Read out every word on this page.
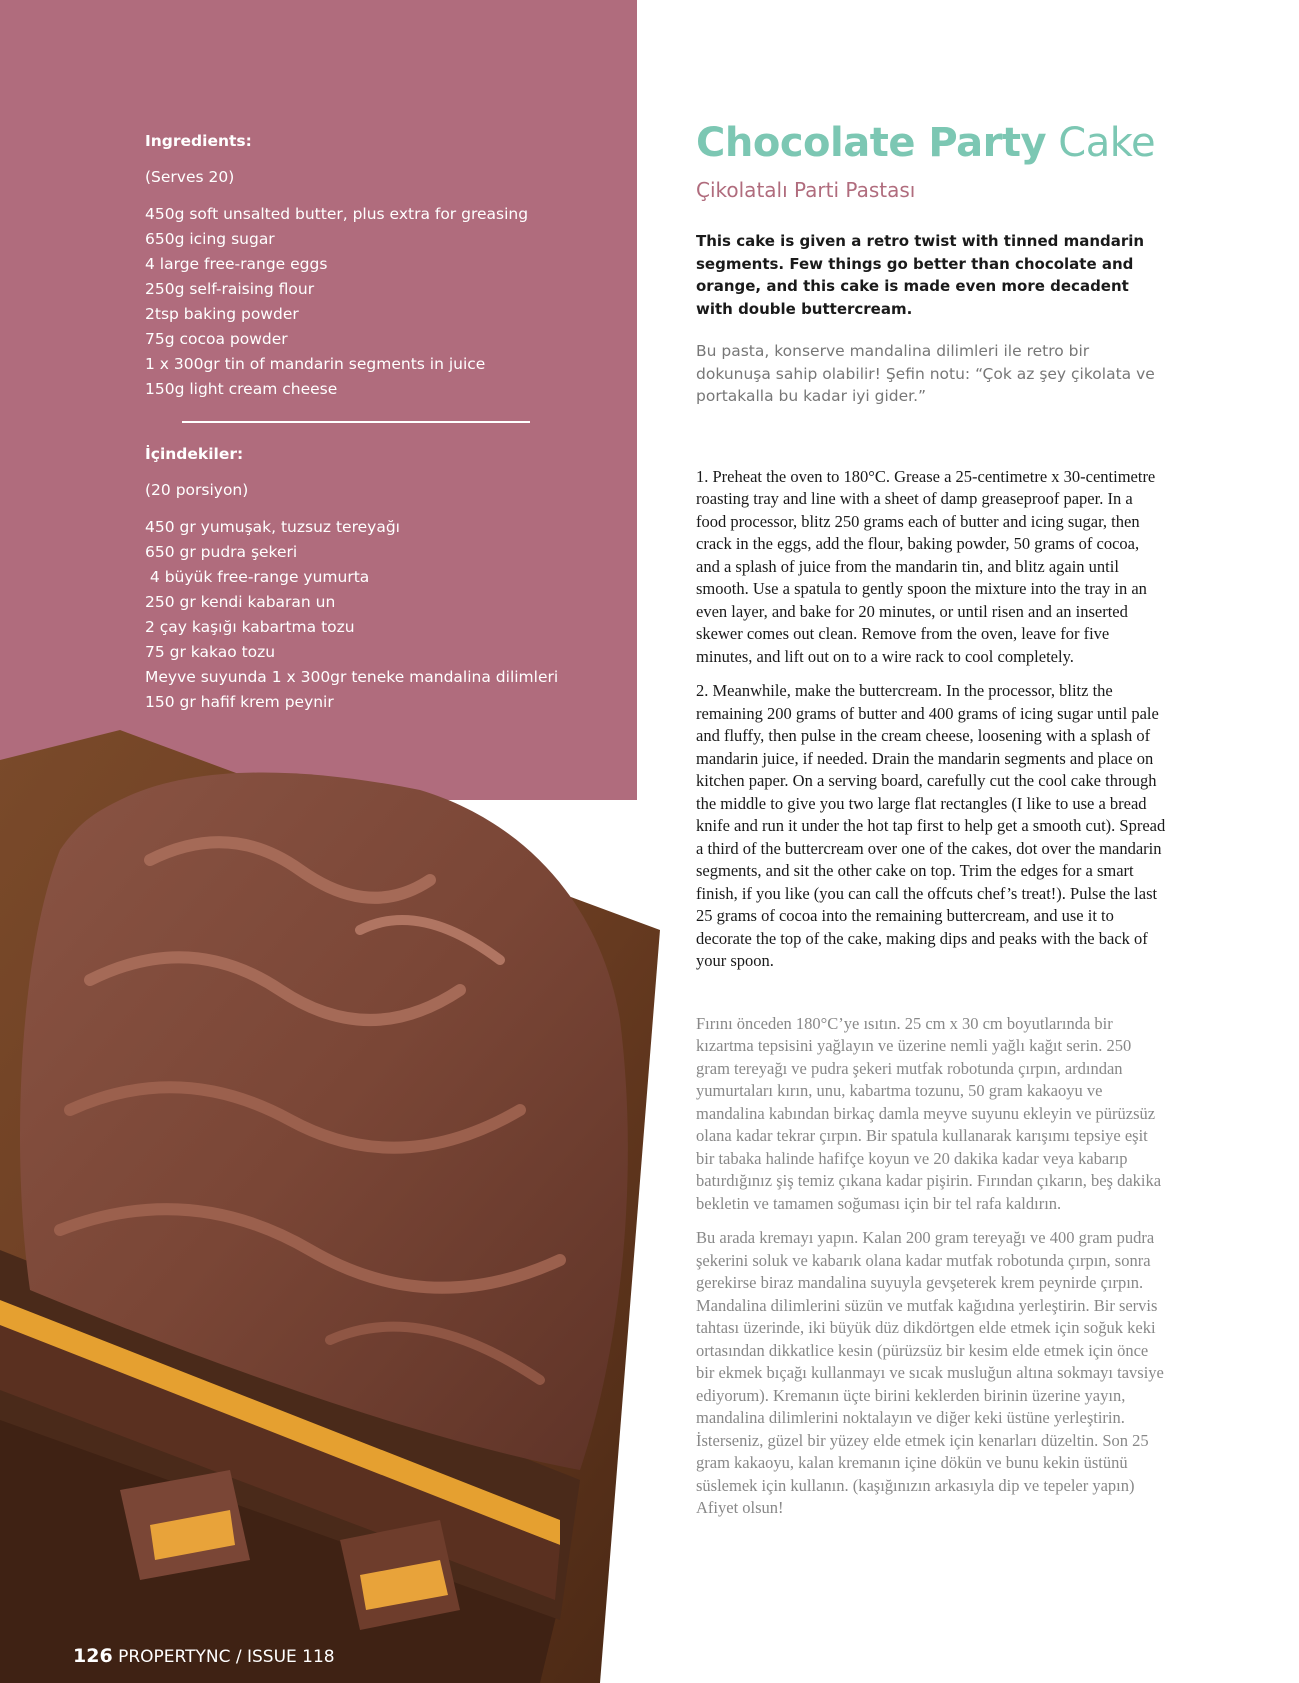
Ingredients:

(Serves 20)

450g soft unsalted butter, plus extra for greasing
650g icing sugar
4 large free-range eggs
250g self-raising flour
2tsp baking powder
75g cocoa powder
1 x 300gr tin of mandarin segments in juice
150g light cream cheese

İçindekiler:

(20 porsiyon)

450 gr yumuşak, tuzsuz tereyağı
650 gr pudra şekeri
4 büyük free-range yumurta
250 gr kendi kabaran un
2 çay kaşığı kabartma tozu
75 gr kakao tozu
Meyve suyunda 1 x 300gr teneke mandalina dilimleri
150 gr hafif krem peynir
Chocolate Party Cake

Çikolatalı Parti Pastası

This cake is given a retro twist with tinned mandarin segments. Few things go better than chocolate and orange, and this cake is made even more decadent with double buttercream.

Bu pasta, konserve mandalina dilimleri ile retro bir dokunuşa sahip olabilir! Şefin notu: “Çok az şey çikolata ve portakalla bu kadar iyi gider.”

1. Preheat the oven to 180°C. Grease a 25-centimetre x 30-centimetre roasting tray and line with a sheet of damp greaseproof paper. In a food processor, blitz 250 grams each of butter and icing sugar, then crack in the eggs, add the flour, baking powder, 50 grams of cocoa, and a splash of juice from the mandarin tin, and blitz again until smooth. Use a spatula to gently spoon the mixture into the tray in an even layer, and bake for 20 minutes, or until risen and an inserted skewer comes out clean. Remove from the oven, leave for five minutes, and lift out on to a wire rack to cool completely.

2. Meanwhile, make the buttercream. In the processor, blitz the remaining 200 grams of butter and 400 grams of icing sugar until pale and fluffy, then pulse in the cream cheese, loosening with a splash of mandarin juice, if needed. Drain the mandarin segments and place on kitchen paper. On a serving board, carefully cut the cool cake through the middle to give you two large flat rectangles (I like to use a bread knife and run it under the hot tap first to help get a smooth cut). Spread a third of the buttercream over one of the cakes, dot over the mandarin segments, and sit the other cake on top. Trim the edges for a smart finish, if you like (you can call the offcuts chef’s treat!). Pulse the last 25 grams of cocoa into the remaining buttercream, and use it to decorate the top of the cake, making dips and peaks with the back of your spoon.

Fırını önceden 180°C’ye ısıtın. 25 cm x 30 cm boyutlarında bir kızartma tepsisini yağlayın ve üzerine nemli yağlı kağıt serin. 250 gram tereyağı ve pudra şekeri mutfak robotunda çırpın, ardından yumurtaları kırın, unu, kabartma tozunu, 50 gram kakaoyu ve mandalina kabından birkaç damla meyve suyunu ekleyin ve pürüzsüz olana kadar tekrar çırpın. Bir spatula kullanarak karışımı tepsiye eşit bir tabaka halinde hafifçe koyun ve 20 dakika kadar veya kabarıp batırdığınız şiş temiz çıkana kadar pişirin. Fırından çıkarın, beş dakika bekletin ve tamamen soğuması için bir tel rafa kaldırın.

Bu arada kremayı yapın. Kalan 200 gram tereyağı ve 400 gram pudra şekerini soluk ve kabarık olana kadar mutfak robotunda çırpın, sonra gerekirse biraz mandalina suyuyla gevşeterek krem peynirde çırpın. Mandalina dilimlerini süzün ve mutfak kağıdına yerleştirin. Bir servis tahtası üzerinde, iki büyük düz dikdörtgen elde etmek için soğuk keki ortasından dikkatlice kesin (pürüzsüz bir kesim elde etmek için önce bir ekmek bıçağı kullanmayı ve sıcak musluğun altına sokmayı tavsiye ediyorum). Kremanın üçte birini keklerden birinin üzerine yayın, mandalina dilimlerini noktalayın ve diğer keki üstüne yerleştirin. İsterseniz, güzel bir yüzey elde etmek için kenarları düzeltin. Son 25 gram kakaoyu, kalan kremanın içine dökün ve bunu kekin üstünü süslemek için kullanın. (kaşığınızın arkasıyla dip ve tepeler yapın) Afiyet olsun!

126 PROPERTYNC / ISSUE 118
